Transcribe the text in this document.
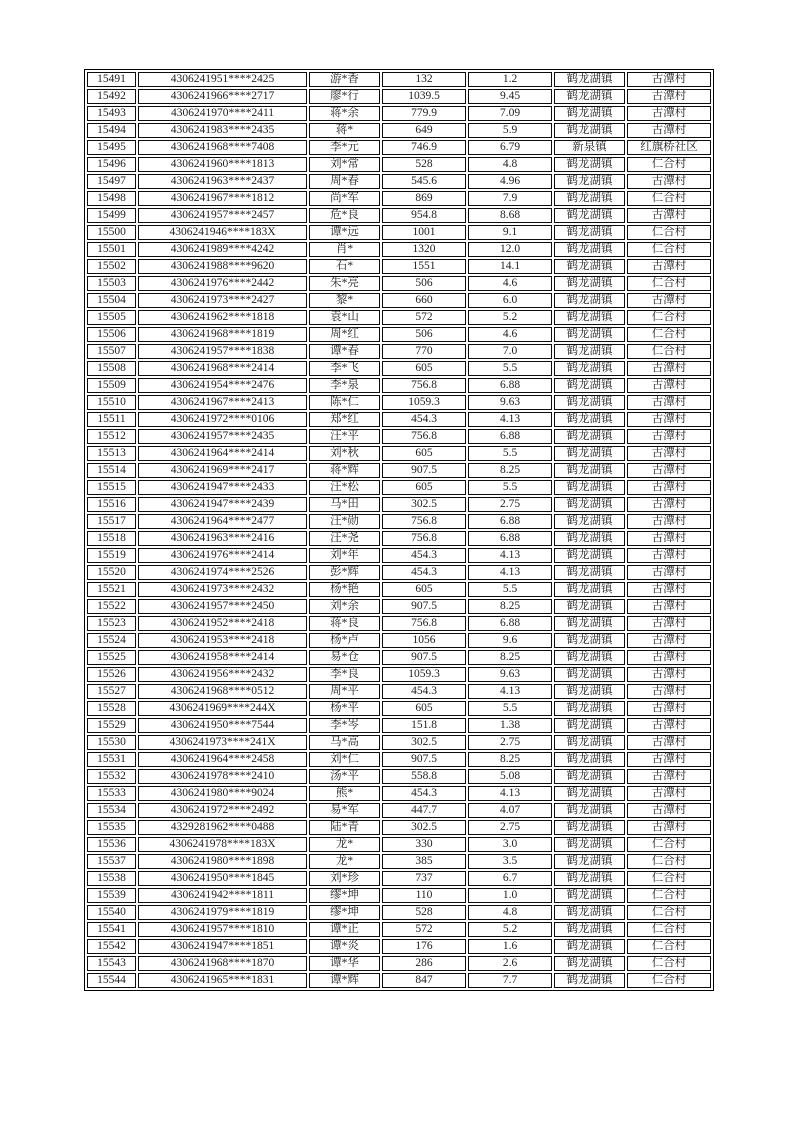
15491	4306241951****2425	游*香	132	1.2	鹤龙湖镇	古潭村
15492	4306241966****2717	廖*行	1039.5	9.45	鹤龙湖镇	古潭村
15493	4306241970****2411	蒋*余	779.9	7.09	鹤龙湖镇	古潭村
15494	4306241983****2435	蒋*	649	5.9	鹤龙湖镇	古潭村
15495	4306241968****7408	李*元	746.9	6.79	新泉镇	红旗桥社区
15496	4306241960****1813	刘*常	528	4.8	鹤龙湖镇	仁合村
15497	4306241963****2437	周*春	545.6	4.96	鹤龙湖镇	古潭村
15498	4306241967****1812	尚*军	869	7.9	鹤龙湖镇	仁合村
15499	4306241957****2457	危*良	954.8	8.68	鹤龙湖镇	古潭村
15500	4306241946****183X	谭*远	1001	9.1	鹤龙湖镇	仁合村
15501	4306241989****4242	肖*	1320	12.0	鹤龙湖镇	仁合村
15502	4306241988****9620	石*	1551	14.1	鹤龙湖镇	古潭村
15503	4306241976****2442	朱*亮	506	4.6	鹤龙湖镇	仁合村
15504	4306241973****2427	黎*	660	6.0	鹤龙湖镇	古潭村
15505	4306241962****1818	袁*山	572	5.2	鹤龙湖镇	仁合村
15506	4306241968****1819	周*红	506	4.6	鹤龙湖镇	仁合村
15507	4306241957****1838	谭*春	770	7.0	鹤龙湖镇	仁合村
15508	4306241968****2414	李*飞	605	5.5	鹤龙湖镇	古潭村
15509	4306241954****2476	李*泉	756.8	6.88	鹤龙湖镇	古潭村
15510	4306241967****2413	陈*仁	1059.3	9.63	鹤龙湖镇	古潭村
15511	4306241972****0106	郑*红	454.3	4.13	鹤龙湖镇	古潭村
15512	4306241957****2435	汪*平	756.8	6.88	鹤龙湖镇	古潭村
15513	4306241964****2414	刘*秋	605	5.5	鹤龙湖镇	古潭村
15514	4306241969****2417	蒋*辉	907.5	8.25	鹤龙湖镇	古潭村
15515	4306241947****2433	汪*松	605	5.5	鹤龙湖镇	古潭村
15516	4306241947****2439	马*田	302.5	2.75	鹤龙湖镇	古潭村
15517	4306241964****2477	汪*勋	756.8	6.88	鹤龙湖镇	古潭村
15518	4306241963****2416	汪*尧	756.8	6.88	鹤龙湖镇	古潭村
15519	4306241976****2414	刘*年	454.3	4.13	鹤龙湖镇	古潭村
15520	4306241974****2526	彭*辉	454.3	4.13	鹤龙湖镇	古潭村
15521	4306241973****2432	杨*艳	605	5.5	鹤龙湖镇	古潭村
15522	4306241957****2450	刘*余	907.5	8.25	鹤龙湖镇	古潭村
15523	4306241952****2418	蒋*良	756.8	6.88	鹤龙湖镇	古潭村
15524	4306241953****2418	杨*卢	1056	9.6	鹤龙湖镇	古潭村
15525	4306241958****2414	易*仓	907.5	8.25	鹤龙湖镇	古潭村
15526	4306241956****2432	李*良	1059.3	9.63	鹤龙湖镇	古潭村
15527	4306241968****0512	周*平	454.3	4.13	鹤龙湖镇	古潭村
15528	4306241969****244X	杨*平	605	5.5	鹤龙湖镇	古潭村
15529	4306241950****7544	李*岑	151.8	1.38	鹤龙湖镇	古潭村
15530	4306241973****241X	马*高	302.5	2.75	鹤龙湖镇	古潭村
15531	4306241964****2458	刘*仁	907.5	8.25	鹤龙湖镇	古潭村
15532	4306241978****2410	汤*平	558.8	5.08	鹤龙湖镇	古潭村
15533	4306241980****9024	熊*	454.3	4.13	鹤龙湖镇	古潭村
15534	4306241972****2492	易*军	447.7	4.07	鹤龙湖镇	古潭村
15535	4329281962****0488	陆*青	302.5	2.75	鹤龙湖镇	古潭村
15536	4306241978****183X	龙*	330	3.0	鹤龙湖镇	仁合村
15537	4306241980****1898	龙*	385	3.5	鹤龙湖镇	仁合村
15538	4306241950****1845	刘*珍	737	6.7	鹤龙湖镇	仁合村
15539	4306241942****1811	缪*坤	110	1.0	鹤龙湖镇	仁合村
15540	4306241979****1819	缪*坤	528	4.8	鹤龙湖镇	仁合村
15541	4306241957****1810	谭*正	572	5.2	鹤龙湖镇	仁合村
15542	4306241947****1851	谭*炎	176	1.6	鹤龙湖镇	仁合村
15543	4306241968****1870	谭*华	286	2.6	鹤龙湖镇	仁合村
15544	4306241965****1831	谭*辉	847	7.7	鹤龙湖镇	仁合村
